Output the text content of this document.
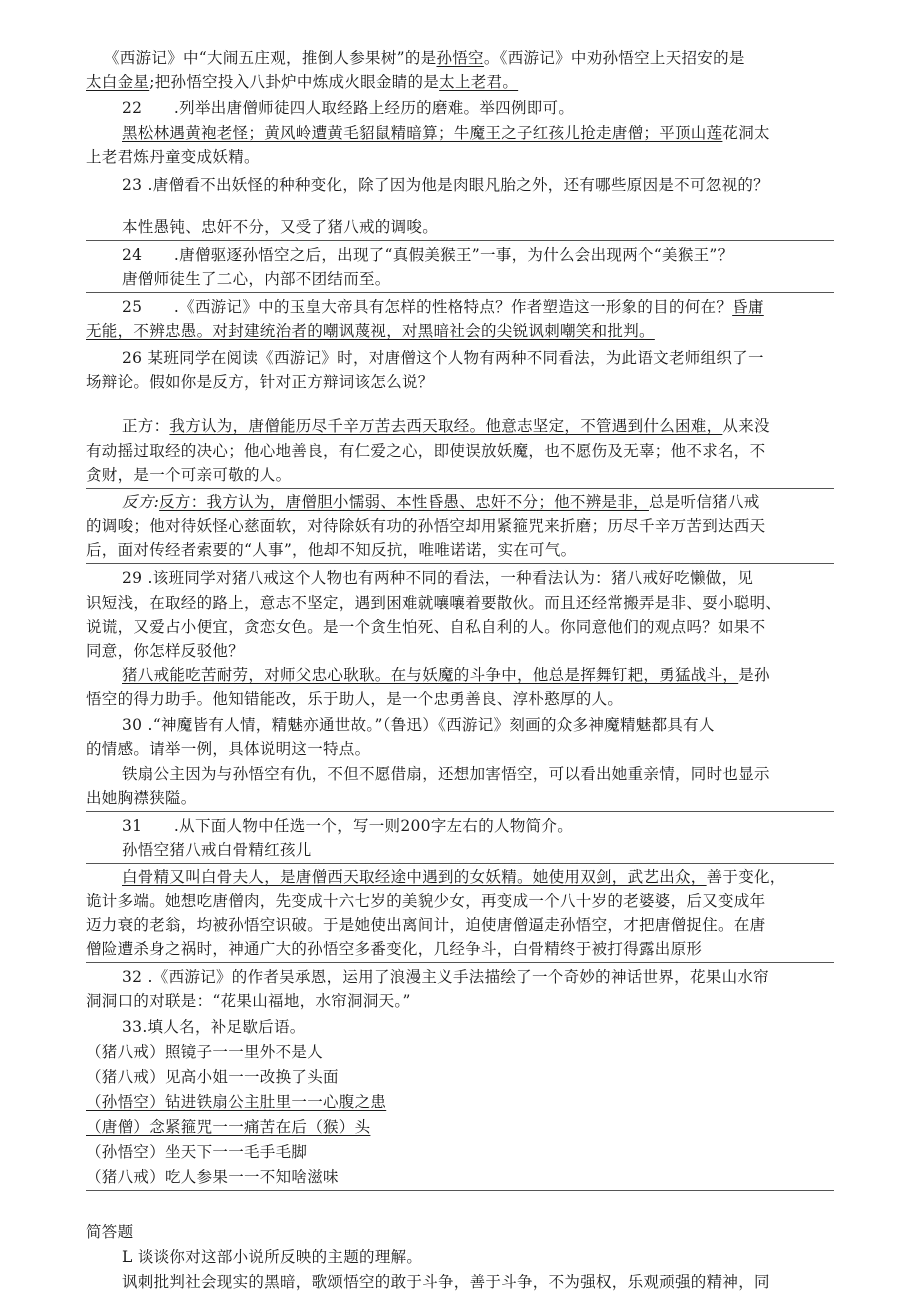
《西游记》中“大闹五庄观，推倒人参果树”的是孙悟空。《西游记》中劝孙悟空上天招安的是
太白金星;把孙悟空投入八卦炉中炼成火眼金睛的是太上老君。
22　　.列举出唐僧师徒四人取经路上经历的磨难。举四例即可。
黑松林遇黄袍老怪；黄风岭遭黄毛貂鼠精暗算；牛魔王之子红孩儿抢走唐僧；平顶山莲花洞太
上老君炼丹童变成妖精。
23 .唐僧看不出妖怪的种种变化，除了因为他是肉眼凡胎之外，还有哪些原因是不可忽视的？
本性愚钝、忠奸不分，又受了猪八戒的调唆。
24　　.唐僧驱逐孙悟空之后，出现了“真假美猴王”一事，为什么会出现两个“美猴王”？
唐僧师徒生了二心，内部不团结而至。
25　　.《西游记》中的玉皇大帝具有怎样的性格特点？作者塑造这一形象的目的何在？昏庸
无能，不辨忠愚。对封建统治者的嘲讽蔑视，对黑暗社会的尖锐讽刺嘲笑和批判。
26 某班同学在阅读《西游记》时，对唐僧这个人物有两种不同看法，为此语文老师组织了一
场辩论。假如你是反方，针对正方辩词该怎么说？
正方：我方认为，唐僧能历尽千辛万苦去西天取经。他意志坚定，不管遇到什么困难，从来没
有动摇过取经的决心；他心地善良，有仁爱之心，即使误放妖魔，也不愿伤及无辜；他不求名，不
贪财，是一个可亲可敬的人。
反方:反方：我方认为，唐僧胆小懦弱、本性昏愚、忠奸不分；他不辨是非，总是听信猪八戒
的调唆；他对待妖怪心慈面软，对待除妖有功的孙悟空却用紧箍咒来折磨；历尽千辛万苦到达西天
后，面对传经者索要的“人事”，他却不知反抗，唯唯诺诺，实在可气。
29 .该班同学对猪八戒这个人物也有两种不同的看法，一种看法认为：猪八戒好吃懒做，见
识短浅，在取经的路上，意志不坚定，遇到困难就嚷嚷着要散伙。而且还经常搬弄是非、耍小聪明、
说谎，又爱占小便宜，贪恋女色。是一个贪生怕死、自私自利的人。你同意他们的观点吗？如果不
同意，你怎样反驳他？
猪八戒能吃苦耐劳，对师父忠心耿耿。在与妖魔的斗争中，他总是挥舞钉耙，勇猛战斗，是孙
悟空的得力助手。他知错能改，乐于助人，是一个忠勇善良、淳朴憨厚的人。
30 .“神魔皆有人情，精魅亦通世故。”（鲁迅）《西游记》刻画的众多神魔精魅都具有人
的情感。请举一例，具体说明这一特点。
铁扇公主因为与孙悟空有仇，不但不愿借扇，还想加害悟空，可以看出她重亲情，同时也显示
出她胸襟狭隘。
31　　.从下面人物中任选一个，写一则200字左右的人物简介。
孙悟空猪八戒白骨精红孩儿
白骨精又叫白骨夫人，是唐僧西天取经途中遇到的女妖精。她使用双剑，武艺出众，善于变化，
诡计多端。她想吃唐僧肉，先变成十六七岁的美貌少女，再变成一个八十岁的老婆婆，后又变成年
迈力衰的老翁，均被孙悟空识破。于是她使出离间计，迫使唐僧逼走孙悟空，才把唐僧捉住。在唐
僧险遭杀身之祸时，神通广大的孙悟空多番变化，几经争斗，白骨精终于被打得露出原形
32 .《西游记》的作者吴承恩，运用了浪漫主义手法描绘了一个奇妙的神话世界，花果山水帘
洞洞口的对联是：“花果山福地，水帘洞洞天。”
33.填人名，补足歇后语。
（猪八戒）照镜子一一里外不是人
（猪八戒）见高小姐一一改换了头面
（孙悟空）钻进铁扇公主肚里一一心腹之患
（唐僧）念紧箍咒一一痛苦在后（猴）头
（孙悟空）坐天下一一毛手毛脚
（猪八戒）吃人参果一一不知啥滋味
简答题
L 谈谈你对这部小说所反映的主题的理解。
讽刺批判社会现实的黑暗，歌颂悟空的敢于斗争，善于斗争，不为强权，乐观顽强的精神，同
